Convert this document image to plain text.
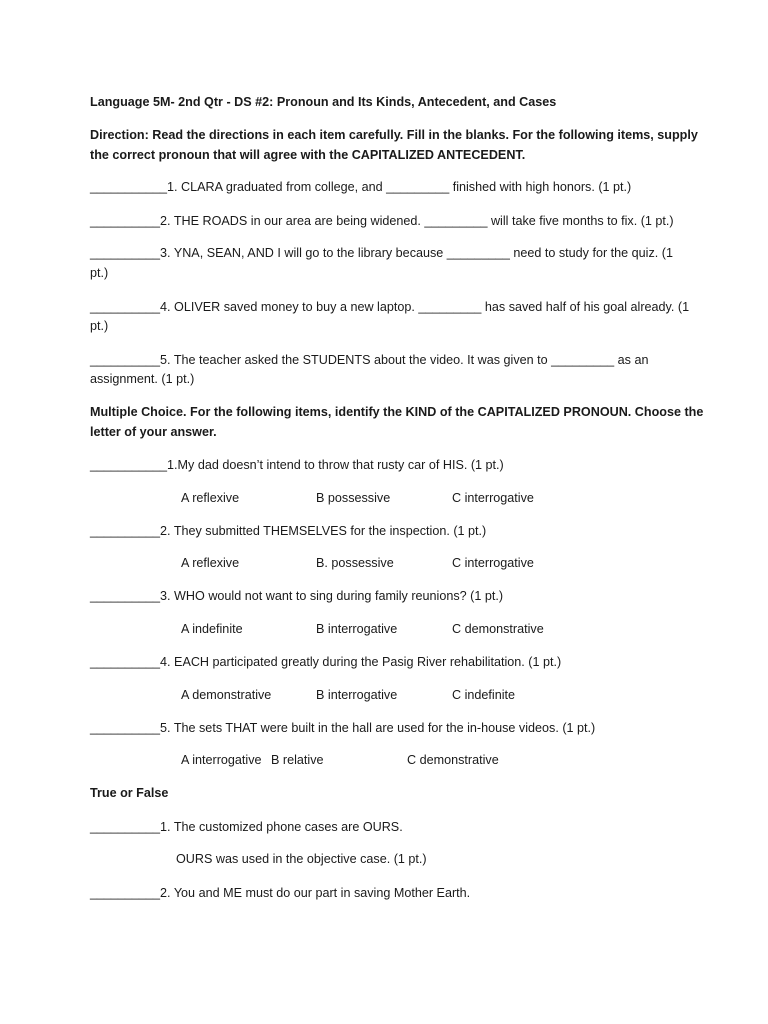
Language 5M- 2nd Qtr - DS #2: Pronoun and Its Kinds, Antecedent, and Cases
Direction: Read the directions in each item carefully. Fill in the blanks. For the following items, supply
the correct pronoun that will agree with the CAPITALIZED ANTECEDENT.
___________1. CLARA graduated from college, and _________ finished with high honors. (1 pt.)
__________2. THE ROADS in our area are being widened. _________ will take five months to fix. (1 pt.)
__________3. YNA, SEAN, AND I will go to the library because _________ need to study for the quiz. (1
pt.)
__________4. OLIVER saved money to buy a new laptop. _________ has saved half of his goal already. (1
pt.)
__________5. The teacher asked the STUDENTS about the video. It was given to _________ as an
assignment. (1 pt.)
Multiple Choice. For the following items, identify the KIND of the CAPITALIZED PRONOUN. Choose the
letter of your answer.
___________1.My dad doesn’t intend to throw that rusty car of HIS. (1 pt.)
A reflexive	B possessive	C interrogative
__________2. They submitted THEMSELVES for the inspection. (1 pt.)
A reflexive	B. possessive	C interrogative
__________3. WHO would not want to sing during family reunions? (1 pt.)
A indefinite	B interrogative	C demonstrative
__________4. EACH participated greatly during the Pasig River rehabilitation. (1 pt.)
A demonstrative	B interrogative	C indefinite
__________5. The sets THAT were built in the hall are used for the in-house videos. (1 pt.)
A interrogative B relative	C demonstrative
True or False
__________1. The customized phone cases are OURS.
OURS was used in the objective case. (1 pt.)
__________2. You and ME must do our part in saving Mother Earth.
